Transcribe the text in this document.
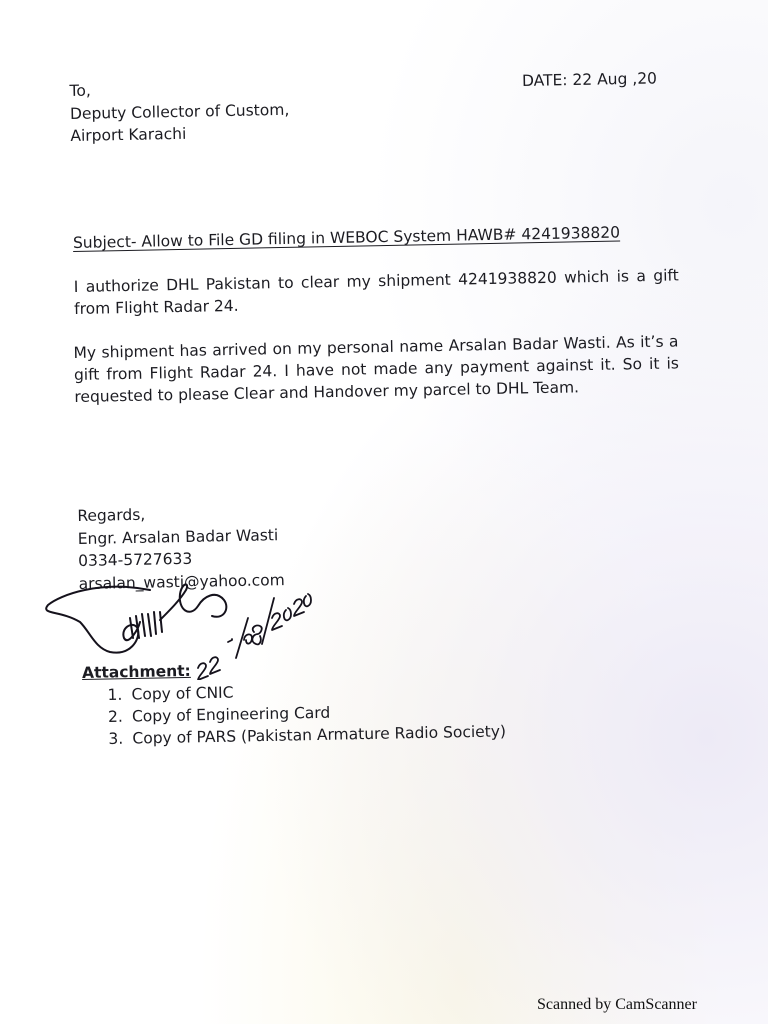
DATE: 22 Aug ,20
To,
Deputy Collector of Custom,
Airport Karachi
Subject- Allow to File GD filing in WEBOC System HAWB# 4241938820
I authorize DHL Pakistan to clear my shipment 4241938820 which is a gift from Flight Radar 24.
My shipment has arrived on my personal name Arsalan Badar Wasti. As it’s a gift from Flight Radar 24. I have not made any payment against it. So it is requested to please Clear and Handover my parcel to DHL Team.
Regards,
Engr. Arsalan Badar Wasti
0334-5727633
arsalan_wasti@yahoo.com
Attachment:
1. Copy of CNIC
2. Copy of Engineering Card
3. Copy of PARS (Pakistan Armature Radio Society)
Scanned by CamScanner
